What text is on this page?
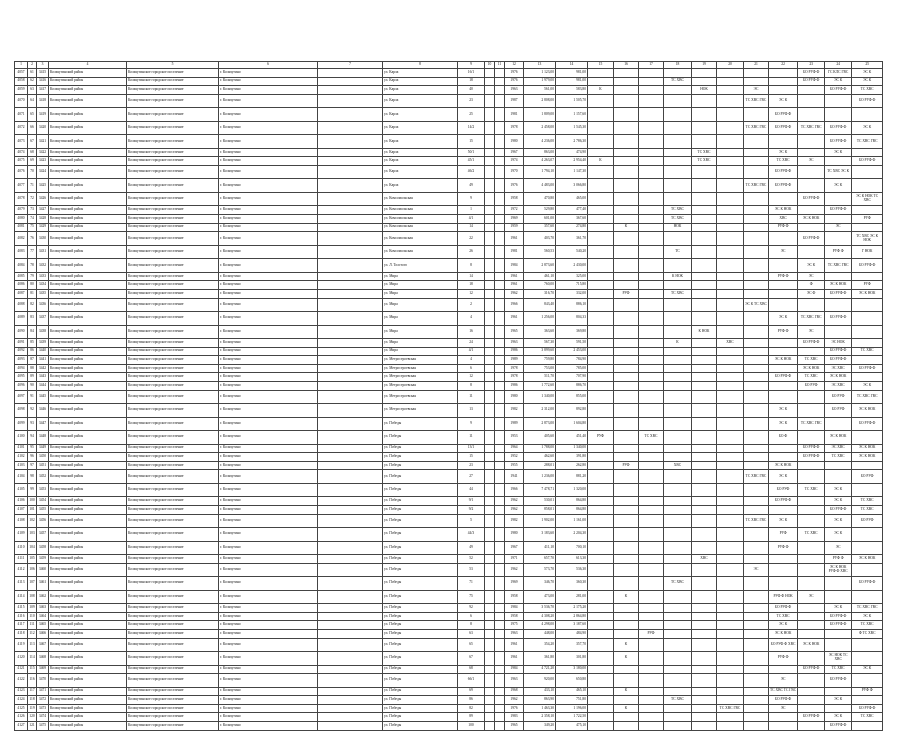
1	2	3	4	5	6	7	8	9	10	11	12	13	14	15	16	17	18	19	20	21	22	23	24	25
4057	61	3415	Кольчугинский район	Кольчугинское городское поселение	г. Кольчугино		ул. Карла	16/1			1976	1 123,00	981,00									БО РУФ Ф	ГС КЛС ГВС	ЭС К
4058	62	3416	Кольчугинский район	Кольчугинское городское поселение	г. Кольчугино		ул. Карла	18			1976	1 979,00	981,00				ТС ХВС					БО РУФ Ф	ЭС К	ЭС К
4059	63	3417	Кольчугинский район	Кольчугинское городское поселение	г. Кольчугино		ул. Карла	40			1963	561,00	583,80	К				НОК		ЭС			БО РУФ Ф	ТС ХВС
4070	64	3418	Кольчугинский район	Кольчугинское городское поселение	г. Кольчугино		ул. Карла	23			1987	2 808,00	1 505,70							ТС ХВС ГВС	ЭС К			БО РУФ Ф
4071	65	3419	Кольчугинский район	Кольчугинское городское поселение	г. Кольчугино		ул. Карла	25			1981	1 809,00	1 157,60								БО РУФ Ф			
4072	66	3420	Кольчугинский район	Кольчугинское городское поселение	г. Кольчугино		ул. Карла	14/2			1978	2 458,00	1 545,30							ТС ХВС ГВС	БО РУФ Ф	ТС ХВС ГВС	БО РУФ Ф	ЭС К
4073	67	3421	Кольчугинский район	Кольчугинское городское поселение	г. Кольчугино		ул. Карла	15			1980	4 236,00	2 786,30										БО РУФ Ф	ТС ХВС ГВС
4074	68	3422	Кольчугинский район	Кольчугинское городское поселение	г. Кольчугино		ул. Карла	50/1			1967	863,00	474,90					ТС ХВС			ЭС К		ЭС К	
4075	69	3423	Кольчугинский район	Кольчугинское городское поселение	г. Кольчугино		ул. Карла	45/1			1974	4 263,07	2 954,40	К				ТС ХВС			ТС ХВС	ЭС		БО РУФ Ф
4076	70	3424	Кольчугинский район	Кольчугинское городское поселение	г. Кольчугино		ул. Карла	46/2			1970	1 794,10	1 147,30								БО РУФ Ф		ТС ХВС ЭС К	
4077	71	3425	Кольчугинский район	Кольчугинское городское поселение	г. Кольчугино		ул. Карла	49			1976	4 483,00	3 066,80							ТС ХВС ГВС	БО РУФ Ф		ЭС К	
4078	72	3426	Кольчугинский район	Кольчугинское городское поселение	г. Кольчугино		ул. Комсомольская	9			1958	470,80	465,00									БО РУФ Ф		ЭС К НОК ТС ХВС
4079	73	3427	Кольчугинский район	Кольчугинское городское поселение	г. Кольчугино		ул. Комсомольская	1			1972	529,80	477,40				ТС ХВС				ЭС К НОК		БО РУФ Ф	
4080	74	3428	Кольчугинский район	Кольчугинское городское поселение	г. Кольчугино		ул. Комсомольская	4/1			1969	601,00	367,60				ТС ХВС				ХВС	ЭС К НОК		РУФ
4081	75	3429	Кольчугинский район	Кольчугинское городское поселение	г. Кольчугино		ул. Комсомольская	14			1959	357,60	274,80		К		НОК				РУФ Ф		ЭС	
4082	76	3430	Кольчугинский район	Кольчугинское городское поселение	г. Кольчугино		ул. Комсомольская	22			1961	403,70	361,70									БО РУФ Ф		ТС ХВС ЭС К НОК
4083	77	3431	Кольчугинский район	Кольчугинское городское поселение	г. Кольчугино		ул. Комсомольская	26			1981	560,53	540,20				ТС				ЭС		РУФ Ф	Г НОК
4084	78	3432	Кольчугинский район	Кольчугинское городское поселение	г. Кольчугино		ул. Л. Толстого	8			1984	2 873,60	2 430,00									ЭС К	ТС ХВС ГВС	БО РУФ Ф
4085	79	3433	Кольчугинский район	Кольчугинское городское поселение	г. Кольчугино		ул. Мира	14			1961	461,10	325,00				К НОК				РУФ Ф	ЭС		
4086	80	3434	Кольчугинский район	Кольчугинское городское поселение	г. Кольчугино		ул. Мира	18			1961	760,00	715,80									Ф	ЭС К НОК	РУФ
4087	81	3435	Кольчугинский район	Кольчугинское городское поселение	г. Кольчугино		ул. Мира	12			1962	316,70	332,00		РУФ		ТС ХВС					ЭС Ф	БО РУФ Ф	ЭС К НОК
4088	82	3436	Кольчугинский район	Кольчугинское городское поселение	г. Кольчугино		ул. Мира	2			1966	843,40	886,10							ЭС К ТС ХВС				
4089	83	3437	Кольчугинский район	Кольчугинское городское поселение	г. Кольчугино		ул. Мира	4			1961	1 256,00	804,33								ЭС К	ТС ХВС ГВС	БО РУФ Ф	
4090	84	3438	Кольчугинский район	Кольчугинское городское поселение	г. Кольчугино		ул. Мира	16			1965	363,60	369,80					К НОК			РУФ Ф	ЭС		
4091	85	3439	Кольчугинский район	Кольчугинское городское поселение	г. Кольчугино		ул. Мира	24			1963	567,30	591,50				К		ХВС			БО РУФ Ф	ЭС НОК	
4092	86	3440	Кольчугинский район	Кольчугинское городское поселение	г. Кольчугино		ул. Мира	4/1			1986	3 899,60	2 453,00										БО РУФ Ф	ТС ХВС
4093	87	3441	Кольчугинский район	Кольчугинское городское поселение	г. Кольчугино		ул. Метростроевская	4			1989	759,80	784,90								ЭС К НОК	ТС ХВС	БО РУФ Ф	
4094	88	3442	Кольчугинский район	Кольчугинское городское поселение	г. Кольчугино		ул. Метростроевская	6			1978	753,00	785,00									ЭС К НОК	ЭС ХВС	БО РУФ Ф
4095	89	3443	Кольчугинский район	Кольчугинское городское поселение	г. Кольчугино		ул. Метростроевская	12			1978	511,70	707,90								БО РУФ Ф	ТС ХВС	ЭС К НОК	
4096	90	3444	Кольчугинский район	Кольчугинское городское поселение	г. Кольчугино		ул. Метростроевская	8			1986	1 772,60	886,70									БО РУФ	ЭС ХВС	ЭС К
4097	91	3445	Кольчугинский район	Кольчугинское городское поселение	г. Кольчугино		ул. Метростроевская	11			1980	1 340,00	855,00										БО РУФ	ТС ХВС ГВС
4098	92	3446	Кольчугинский район	Кольчугинское городское поселение	г. Кольчугино		ул. Метростроевская	13			1982	2 312,00	892,80								ЭС К		БО РУФ	ЭС К НОК
4099	93	3447	Кольчугинский район	Кольчугинское городское поселение	г. Кольчугино		ул. Победы	9			1989	2 873,00	1 604,80								ЭС К	ТС ХВС ГВС		БО РУФ Ф
4100	94	3448	Кольчугинский район	Кольчугинское городское поселение	г. Кольчугино		ул. Победы	11			1953	405,60	451,40	РУФ		ТС ХВС					БО Ф		ЭС К НОК	
4101	95	3449	Кольчугинский район	Кольчугинское городское поселение	г. Кольчугино		ул. Победы	13/1			1964	1 788,00	1 340,00									БО РУФ Ф	ЭС ХВС	ЭС К НОК
4102	96	3450	Кольчугинский район	Кольчугинское городское поселение	г. Кольчугино		ул. Победы	15			1952	462,60	391,80									БО РУФ Ф	ТС ХВС	ЭС К НОК
4103	97	3451	Кольчугинский район	Кольчугинское городское поселение	г. Кольчугино		ул. Победы	23			1955	288,01	262,80		РУФ		ХВС				ЭС К НОК			
4104	98	3452	Кольчугинский район	Кольчугинское городское поселение	г. Кольчугино		ул. Победы	27			1941	1 236,00	881,20							ТС ХВС ГВС	ЭС К			БО РУФ
4105	99	3453	Кольчугинский район	Кольчугинское городское поселение	г. Кольчугино		ул. Победы	44			1966	7 478,71	1 320,00								БО РУФ	ТС ХВС	ЭС К	
4106	100	3454	Кольчугинский район	Кольчугинское городское поселение	г. Кольчугино		ул. Победы	9/1			1962	530,01	864,80								БО РУФ Ф		ЭС К	ТС ХВС
4107	101	3455	Кольчугинский район	Кольчугинское городское поселение	г. Кольчугино		ул. Победы	9/2			1962	858,01	864,80										БО РУФ Ф	ТС ХВС
4108	102	3456	Кольчугинский район	Кольчугинское городское поселение	г. Кольчугино		ул. Победы	5			1982	1 902,00	1 161,00							ТС ХВС ГВС	ЭС К		ЭС К	БО РУФ
4109	103	3457	Кольчугинский район	Кольчугинское городское поселение	г. Кольчугино		ул. Победы	44/3			1980	3 183,60	2 204,30								РУФ	ТС ХВС	ЭС К	
4110	104	3458	Кольчугинский район	Кольчугинское городское поселение	г. Кольчугино		ул. Победы	49			1967	411,10	700,10								РУФ Ф		ЭС	
4111	105	3459	Кольчугинский район	Кольчугинское городское поселение	г. Кольчугино		ул. Победы	52			1971	657,70	613,30					ХВС					РУФ Ф	ЭС К НОК
4112	106	3460	Кольчугинский район	Кольчугинское городское поселение	г. Кольчугино		ул. Победы	53			1962	573,70	536,30							ЭС			ЭС К НОК РУФ Ф ХВС	
4113	107	3461	Кольчугинский район	Кольчугинское городское поселение	г. Кольчугино		ул. Победы	71			1969	346,70	360,30				ТС ХВС							БО РУФ Ф
4114	108	3462	Кольчугинский район	Кольчугинское городское поселение	г. Кольчугино		ул. Победы	75			1958	473,00	281,00		К						РУФ Ф НОК	ЭС		
4115	109	3463	Кольчугинский район	Кольчугинское городское поселение	г. Кольчугино		ул. Победы	92			1984	3 536,70	2 175,20								БО РУФ Ф		ЭС К	ТС ХВС ГВС
4116	110	3464	Кольчугинский район	Кольчугинское городское поселение	г. Кольчугино		ул. Победы	6			1958	4 308,20	2 864,80								ТС ХВС		БО РУФ Ф	ЭС К
4117	111	3465	Кольчугинский район	Кольчугинское городское поселение	г. Кольчугино		ул. Победы	8			1975	4 298,00	3 187,60								ЭС К		БО РУФ Ф	ТС ХВС
4118	112	3466	Кольчугинский район	Кольчугинское городское поселение	г. Кольчугино		ул. Победы	63			1963	448,00	484,90			РУФ					ЭС К НОК			Ф ТС ХВС
4119	113	3467	Кольчугинский район	Кольчугинское городское поселение	г. Кольчугино		ул. Победы	65			1961	354,20	357,70		К						БО РУФ Ф ХВС	ЭС К НОК		
4120	114	3468	Кольчугинский район	Кольчугинское городское поселение	г. Кольчугино		ул. Победы	67			1961	361,80	301,80		К						РУФ Ф		ЭС НОК ТС ХВС	
4121	115	3469	Кольчугинский район	Кольчугинское городское поселение	г. Кольчугино		ул. Победы	68			1984	4 721,20	3 180,00									БО РУФ Ф	ТС ХВС	ЭС К
4122	116	3470	Кольчугинский район	Кольчугинское городское поселение	г. Кольчугино		ул. Победы	66/1			1963	920,00	650,80								ЭС		БО РУФ Ф	
4123	117	3471	Кольчугинский район	Кольчугинское городское поселение	г. Кольчугино		ул. Победы	69			1968	433,10	465,10		К						ТС ХВС ТС ГВС			РУФ Ф
4124	118	3472	Кольчугинский район	Кольчугинское городское поселение	г. Кольчугино		ул. Победы	86			1962	863,90	751,80				ТС ХВС				БО РУФ Ф		ЭС К	
4125	119	3473	Кольчугинский район	Кольчугинское городское поселение	г. Кольчугино		ул. Победы	82			1976	1 463,30	1 196,00		К				ТС ХВС ГВС		ЭС			БО РУФ Ф
4126	120	3474	Кольчугинский район	Кольчугинское городское поселение	г. Кольчугино		ул. Победы	89			1983	2 358,10	1 722,50									БО РУФ Ф	ЭС К	ТС ХВС
4127	121	3475	Кольчугинский район	Кольчугинское городское поселение	г. Кольчугино		ул. Победы	100			1965	349,20	475,10										БО РУФ Ф	
